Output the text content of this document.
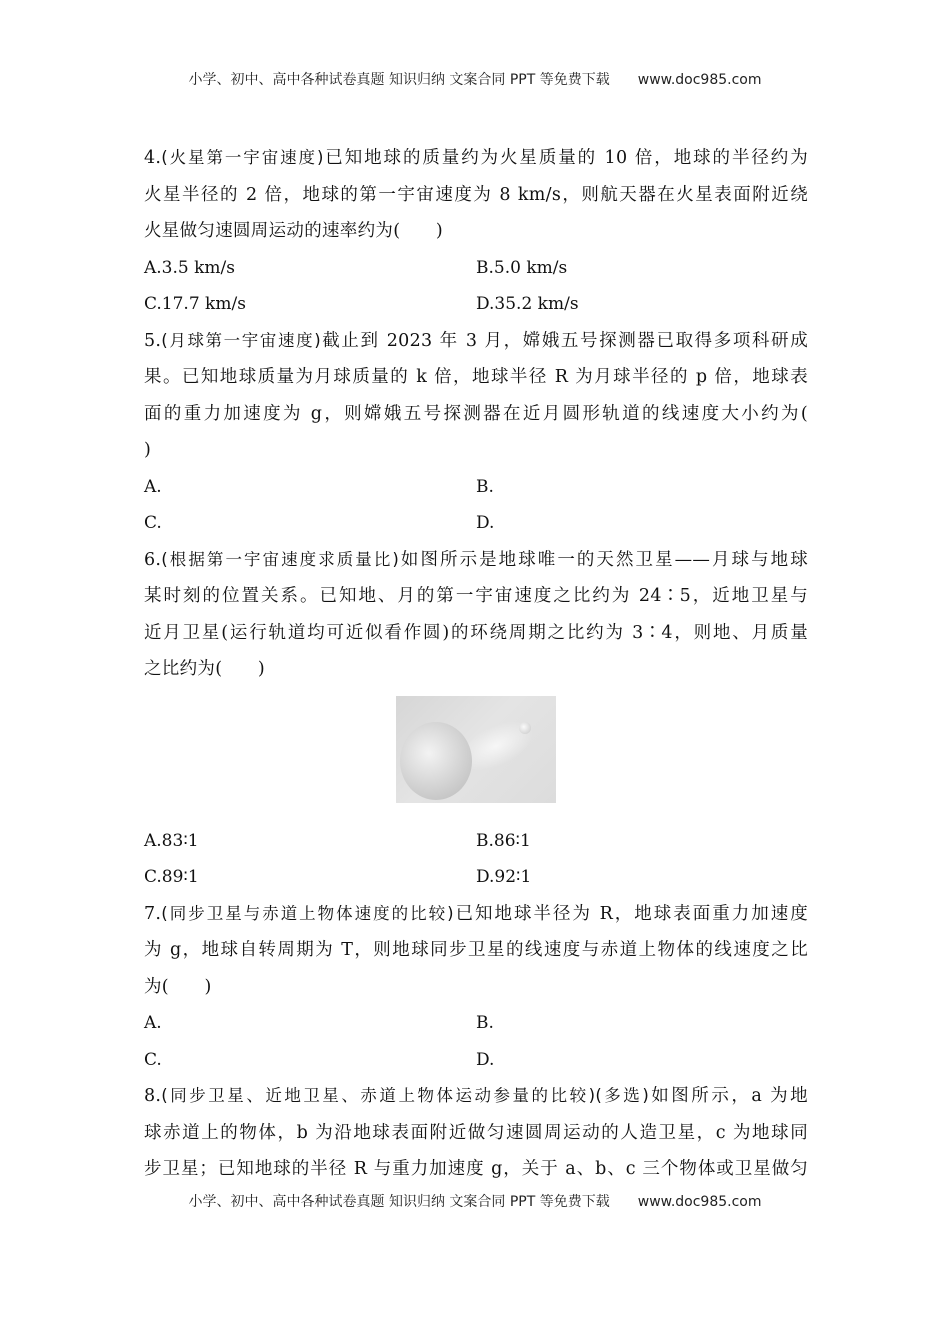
小学、初中、高中各种试卷真题 知识归纳 文案合同 PPT 等免费下载 www.doc985.com
4.(火星第一宇宙速度)已知地球的质量约为火星质量的 10 倍，地球的半径约为
火星半径的 2 倍，地球的第一宇宙速度为 8 km/s，则航天器在火星表面附近绕
火星做匀速圆周运动的速率约为(　　)
A.3.5 km/s	B.5.0 km/s
C.17.7 km/s	D.35.2 km/s
5.(月球第一宇宙速度)截止到 2023 年 3 月，嫦娥五号探测器已取得多项科研成
果。已知地球质量为月球质量的 k 倍，地球半径 R 为月球半径的 p 倍，地球表
面的重力加速度为 g，则嫦娥五号探测器在近月圆形轨道的线速度大小约为(
)
A.	B.
C.	D.
6.(根据第一宇宙速度求质量比)如图所示是地球唯一的天然卫星——月球与地球
某时刻的位置关系。已知地、月的第一宇宙速度之比约为 24∶5，近地卫星与
近月卫星(运行轨道均可近似看作圆)的环绕周期之比约为 3∶4，则地、月质量
之比约为(　　)
A.83∶1	B.86∶1
C.89∶1	D.92∶1
7.(同步卫星与赤道上物体速度的比较)已知地球半径为 R，地球表面重力加速度
为 g，地球自转周期为 T，则地球同步卫星的线速度与赤道上物体的线速度之比
为(　　)
A.	B.
C.	D.
8.(同步卫星、近地卫星、赤道上物体运动参量的比较)(多选)如图所示，a 为地
球赤道上的物体，b 为沿地球表面附近做匀速圆周运动的人造卫星，c 为地球同
步卫星；已知地球的半径 R 与重力加速度 g，关于 a、b、c 三个物体或卫星做匀
小学、初中、高中各种试卷真题 知识归纳 文案合同 PPT 等免费下载 www.doc985.com
